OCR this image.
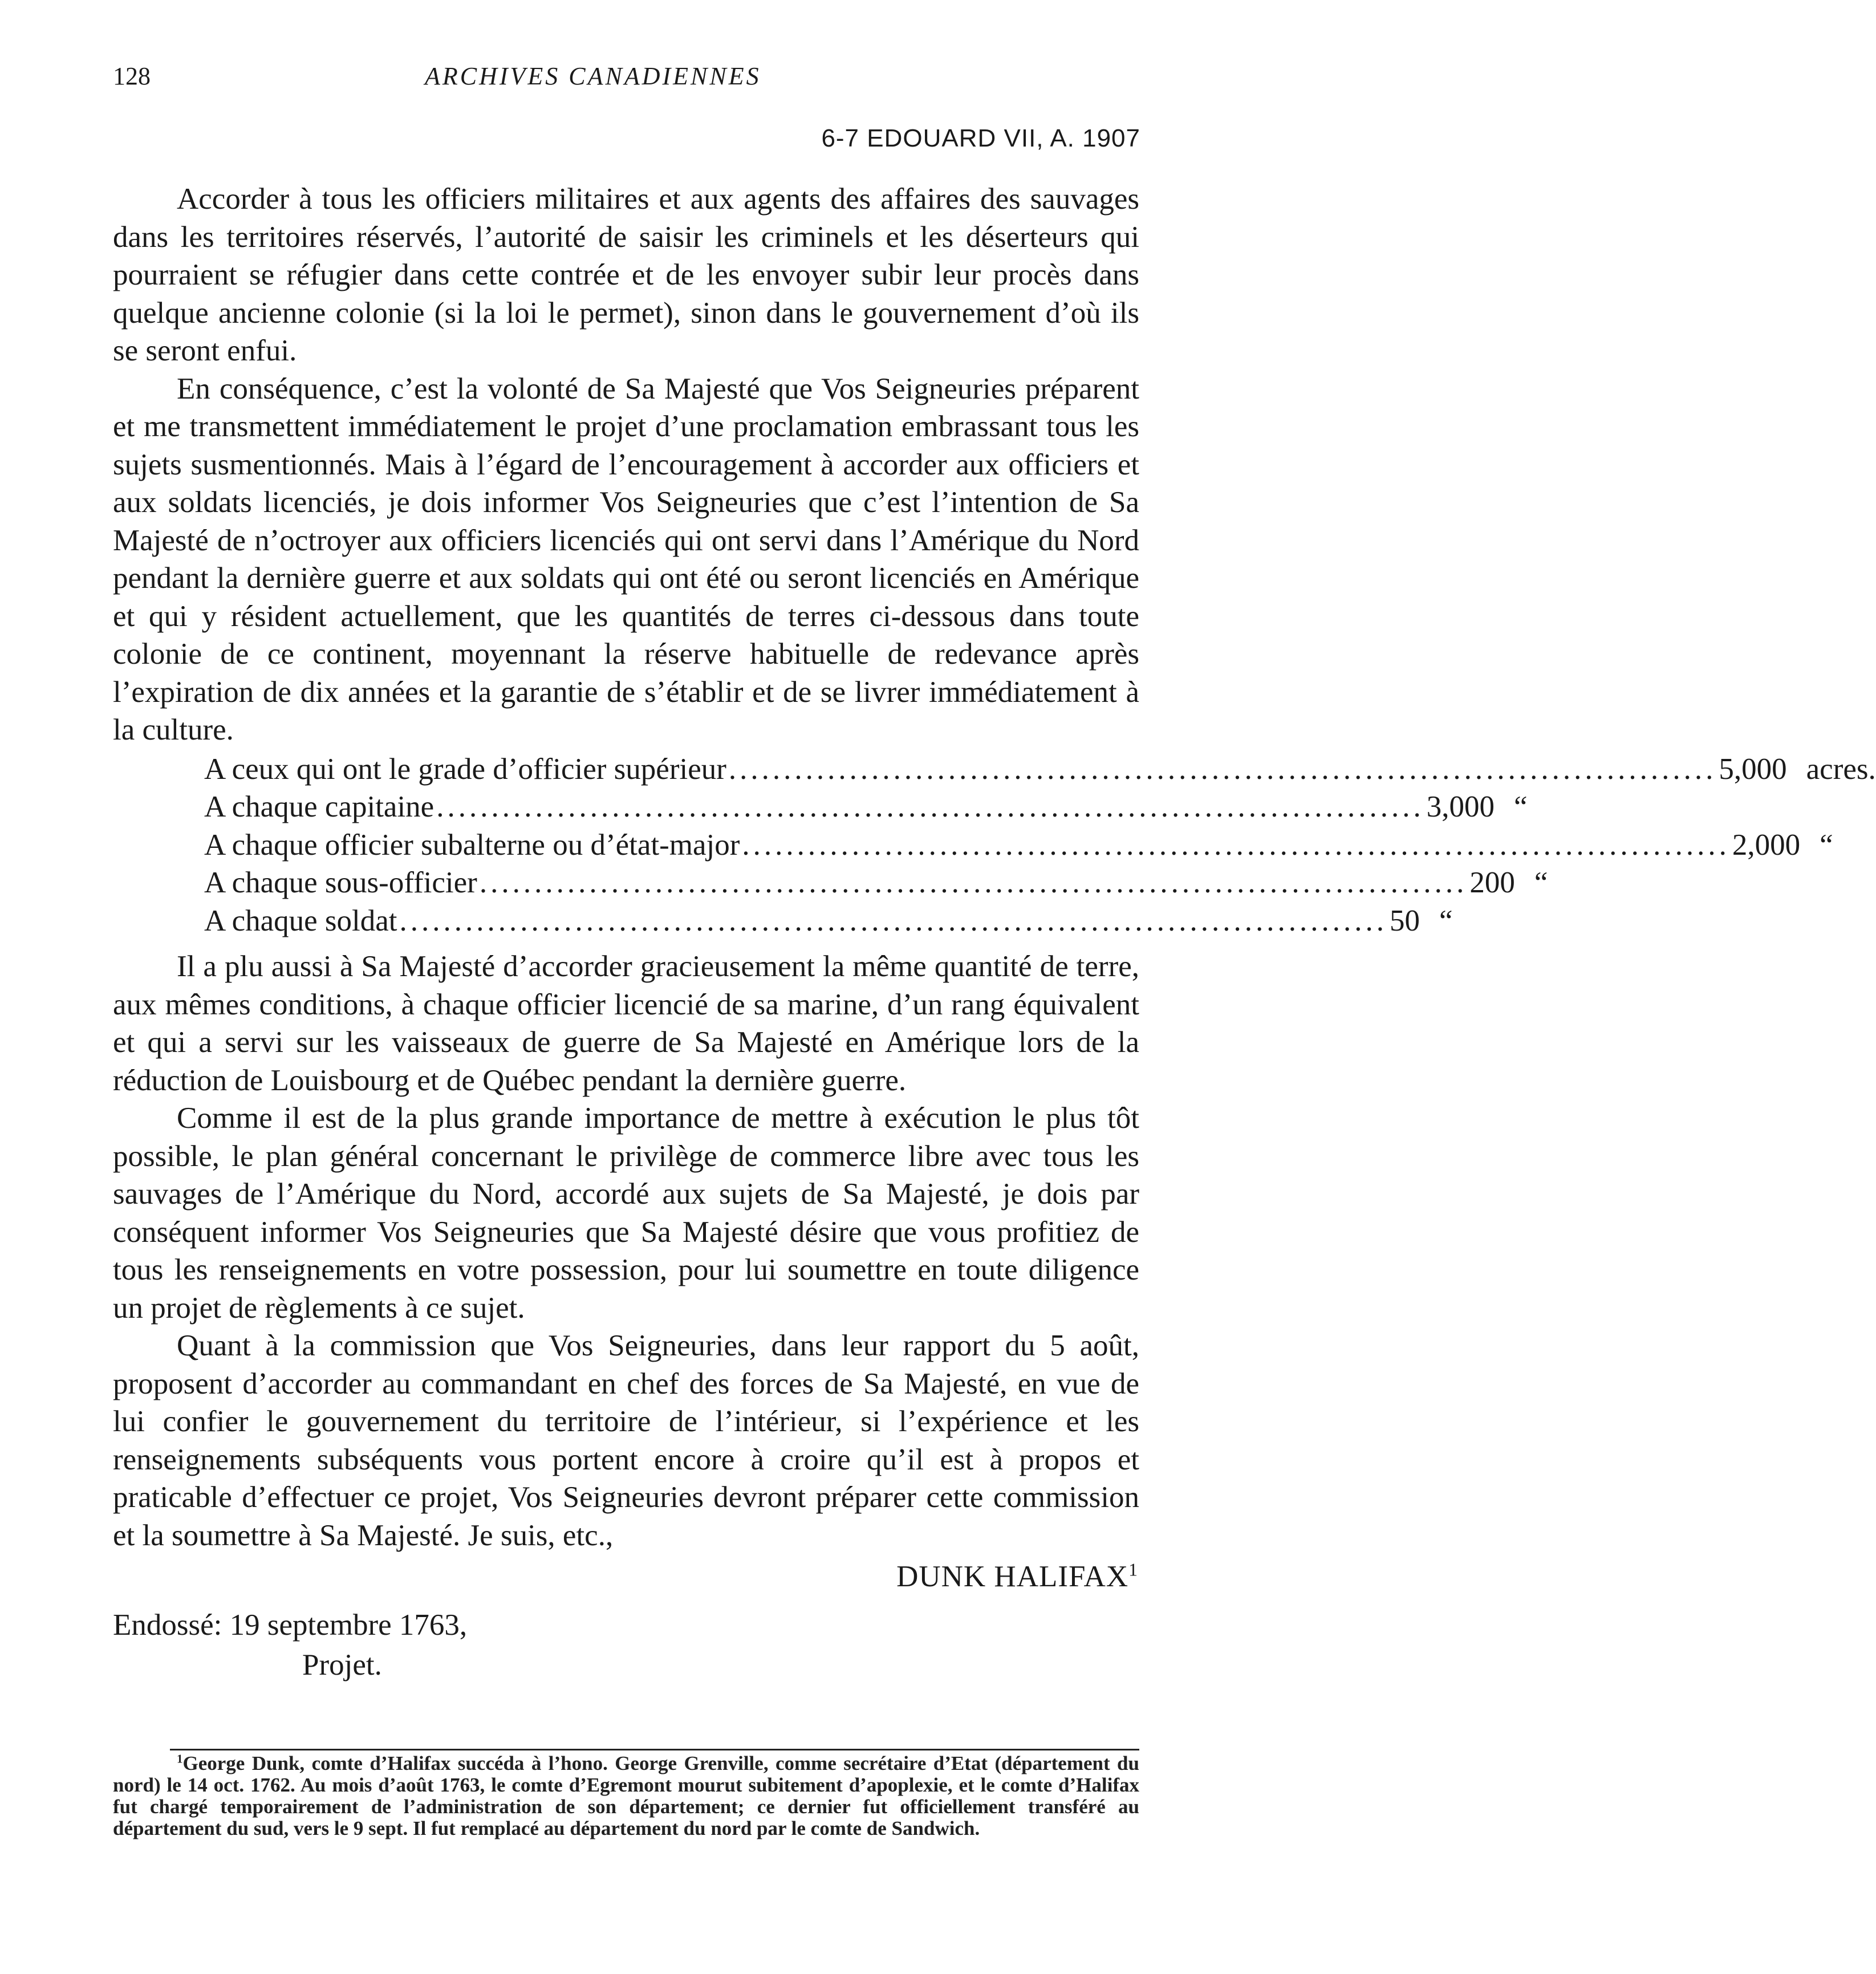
128	ARCHIVES CANADIENNES
6-7 EDOUARD VII, A. 1907

Accorder à tous les officiers militaires et aux agents des affaires des sauvages dans les territoires réservés, l’autorité de saisir les criminels et les déserteurs qui pourraient se réfugier dans cette contrée et de les envoyer subir leur procès dans quelque ancienne colonie (si la loi le permet), sinon dans le gouvernement d’où ils se seront enfui.

En conséquence, c’est la volonté de Sa Majesté que Vos Seigneuries préparent et me transmettent immédiatement le projet d’une proclamation embrassant tous les sujets susmentionnés. Mais à l’égard de l’encouragement à accorder aux officiers et aux soldats licenciés, je dois informer Vos Seigneuries que c’est l’intention de Sa Majesté de n’octroyer aux officiers licenciés qui ont servi dans l’Amérique du Nord pendant la dernière guerre et aux soldats qui ont été ou seront licenciés en Amérique et qui y résident actuellement, que les quantités de terres ci-dessous dans toute colonie de ce continent, moyennant la réserve habituelle de redevance après l’expiration de dix années et la garantie de s’établir et de se livrer immédiatement à la culture.

A ceux qui ont le grade d’officier supérieur .......................................................................................... 5,000 acres.
A chaque capitaine .......................................................................................... 3,000 “
A chaque officier subalterne ou d’état-major .......................................................................................... 2,000 “
A chaque sous-officier .......................................................................................... 200 “
A chaque soldat .......................................................................................... 50 “

Il a plu aussi à Sa Majesté d’accorder gracieusement la même quantité de terre, aux mêmes conditions, à chaque officier licencié de sa marine, d’un rang équivalent et qui a servi sur les vaisseaux de guerre de Sa Majesté en Amérique lors de la réduction de Louisbourg et de Québec pendant la dernière guerre.

Comme il est de la plus grande importance de mettre à exécution le plus tôt possible, le plan général concernant le privilège de commerce libre avec tous les sauvages de l’Amérique du Nord, accordé aux sujets de Sa Majesté, je dois par conséquent informer Vos Seigneuries que Sa Majesté désire que vous profitiez de tous les renseignements en votre possession, pour lui soumettre en toute diligence un projet de règlements à ce sujet.

Quant à la commission que Vos Seigneuries, dans leur rapport du 5 août, proposent d’accorder au commandant en chef des forces de Sa Majesté, en vue de lui confier le gouvernement du territoire de l’intérieur, si l’expérience et les renseignements subséquents vous portent encore à croire qu’il est à propos et praticable d’effectuer ce projet, Vos Seigneuries devront préparer cette commission et la soumettre à Sa Majesté. Je suis, etc.,

DUNK HALIFAX$^1$

Endossé: 19 septembre 1763,

Projet.

$^1$George Dunk, comte d’Halifax succéda à l’hono. George Grenville, comme secrétaire d’Etat (département du nord) le 14 oct. 1762. Au mois d’août 1763, le comte d’Egremont mourut subitement d’apoplexie, et le comte d’Halifax fut chargé temporairement de l’administration de son département; ce dernier fut officiellement transféré au département du sud, vers le 9 sept. Il fut remplacé au département du nord par le comte de Sandwich.
